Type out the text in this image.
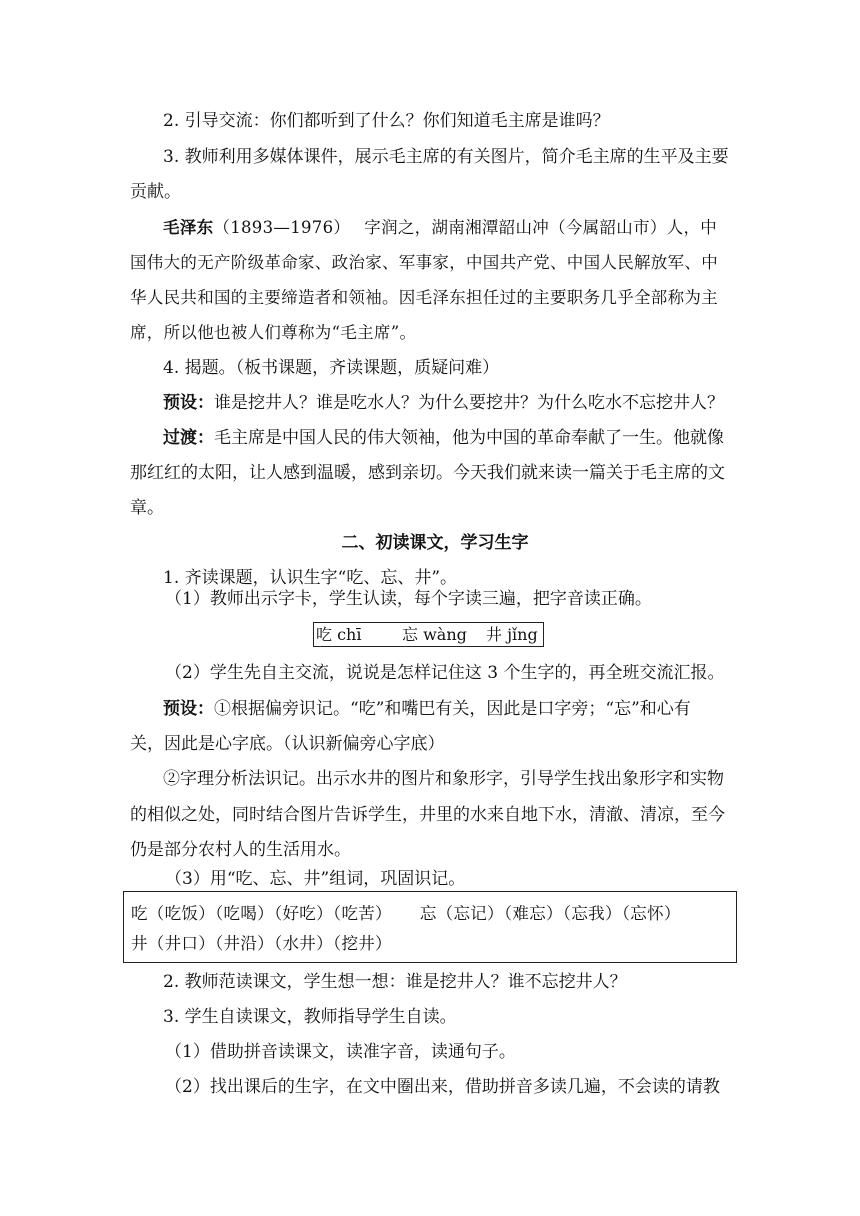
2. 引导交流：你们都听到了什么？你们知道毛主席是谁吗？
3. 教师利用多媒体课件，展示毛主席的有关图片，简介毛主席的生平及主要
贡献。
毛泽东（1893—1976）　 字润之，湖南湘潭韶山冲（今属韶山市）人，中
国伟大的无产阶级革命家、政治家、军事家，中国共产党、中国人民解放军、中
华人民共和国的主要缔造者和领袖。因毛泽东担任过的主要职务几乎全部称为主
席，所以他也被人们尊称为“毛主席”。
4. 揭题。（板书课题，齐读课题，质疑问难）
预设：谁是挖井人？谁是吃水人？为什么要挖井？为什么吃水不忘挖井人？
过渡：毛主席是中国人民的伟大领袖，他为中国的革命奉献了一生。他就像
那红红的太阳，让人感到温暖，感到亲切。今天我们就来读一篇关于毛主席的文
章。
二、初读课文，学习生字
1. 齐读课题，认识生字“吃、忘、井”。
（1）教师出示字卡，学生认读，每个字读三遍，把字音读正确。
吃 chī	忘 wàng 井 jǐng
（2）学生先自主交流，说说是怎样记住这 3 个生字的，再全班交流汇报。
预设：①根据偏旁识记。“吃”和嘴巴有关，因此是口字旁；“忘”和心有
关，因此是心字底。（认识新偏旁心字底）
②字理分析法识记。出示水井的图片和象形字，引导学生找出象形字和实物
的相似之处，同时结合图片告诉学生，井里的水来自地下水，清澈、清凉，至今
仍是部分农村人的生活用水。
（3）用“吃、忘、井”组词，巩固识记。
吃（吃饭）（吃喝）（好吃）（吃苦） 忘（忘记）（难忘）（忘我）（忘怀）
井（井口）（井沿）（水井）（挖井）
2. 教师范读课文，学生想一想：谁是挖井人？谁不忘挖井人？
3. 学生自读课文，教师指导学生自读。
（1）借助拼音读课文，读准字音，读通句子。
（2）找出课后的生字，在文中圈出来，借助拼音多读几遍，不会读的请教
